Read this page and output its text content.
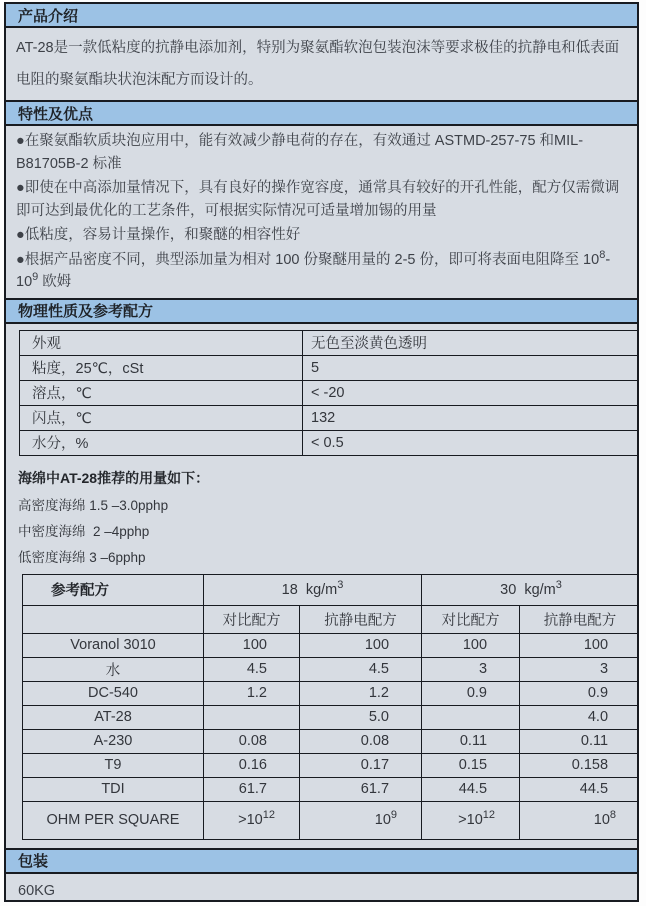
产品介绍
AT-28是一款低粘度的抗静电添加剂，特别为聚氨酯软泡包装泡沫等要求极佳的抗静电和低表面电阻的聚氨酯块状泡沫配方而设计的。
特性及优点

●在聚氨酯软质块泡应用中，能有效减少静电荷的存在，有效通过 ASTMD-257-75 和MIL-B81705B-2 标准

●即使在中高添加量情况下，具有良好的操作宽容度，通常具有较好的开孔性能，配方仅需微调即可达到最优化的工艺条件，可根据实际情况可适量增加锡的用量

●低粘度，容易计量操作，和聚醚的相容性好

●根据产品密度不同，典型添加量为相对 100 份聚醚用量的 2-5 份，即可将表面电阻降至 $10^8-10^9$ 欧姆

物理性质及参考配方
外观	无色至淡黄色透明
粘度，25℃，cSt	5
溶点，℃	< -20
闪点，℃	132
水分，%	< 0.5

海绵中AT-28推荐的用量如下：

高密度海绵 1.5 –3.0pphp

中密度海绵  2 –4pphp

低密度海绵 3 –6pphp

参考配方	18  $kg/m^3$		30  $kg/m^3$
	对比配方	抗静电配方	对比配方	抗静电配方
Voranol 3010	100	100	100	100
水	4.5	4.5	3	3
DC-540	1.2	1.2	0.9	0.9
AT-28		5.0		4.0
A-230	0.08	0.08	0.11	0.11
T9	0.16	0.17	0.15	0.158
TDI	61.7	61.7	44.5	44.5
OHM PER SQUARE	$>10^{12}$	$10^9$	$>10^{12}$	$10^8$
包装
60KG
